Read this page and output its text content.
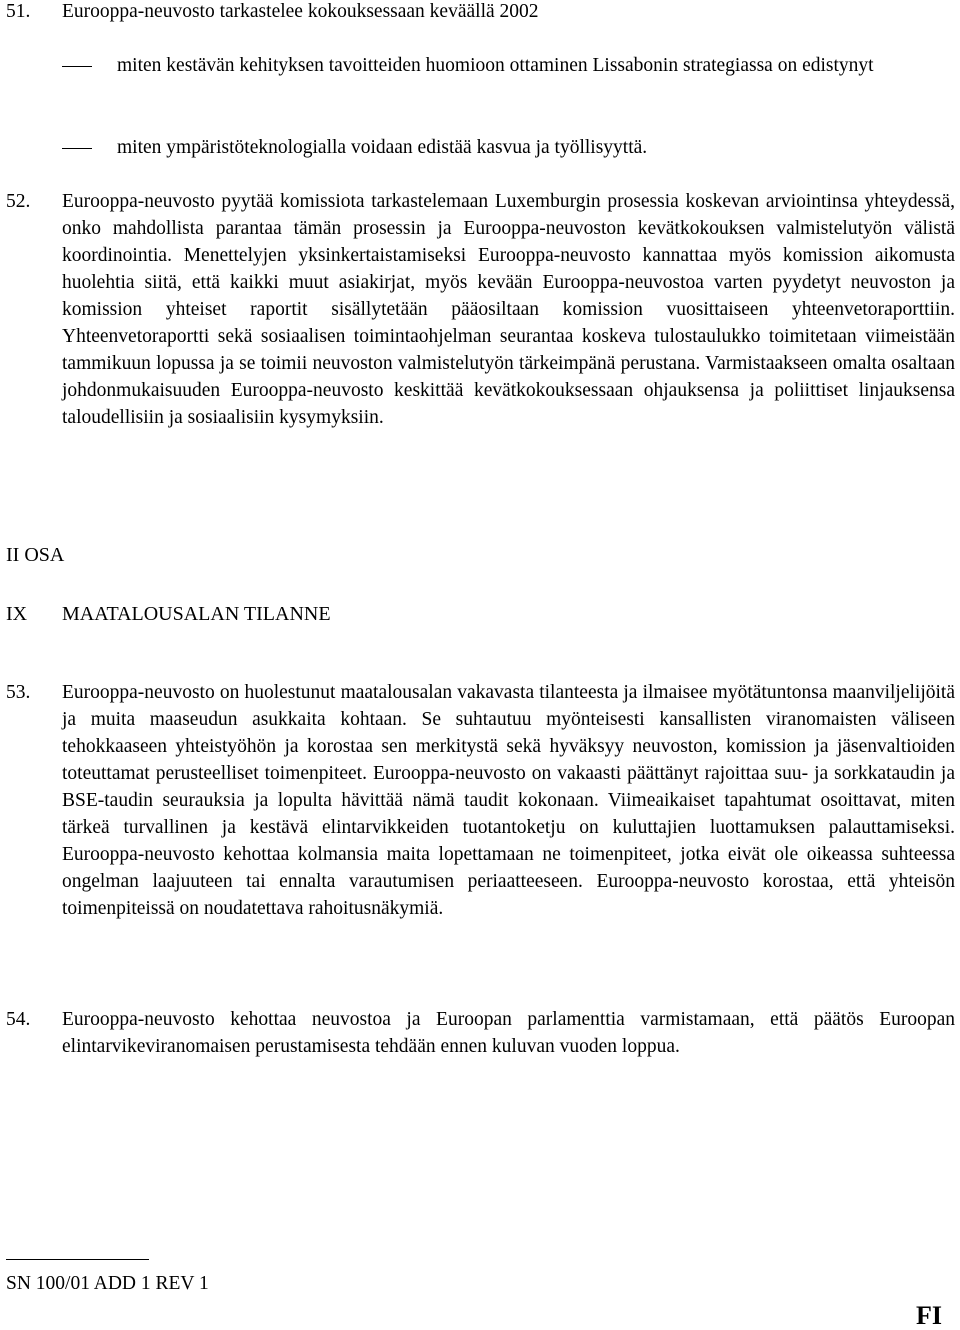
51. Eurooppa-neuvosto tarkastelee kokouksessaan keväällä 2002
miten kestävän kehityksen tavoitteiden huomioon ottaminen Lissabonin strategiassa on edistynyt
miten ympäristöteknologialla voidaan edistää kasvua ja työllisyyttä.
52. Eurooppa-neuvosto pyytää komissiota tarkastelemaan Luxemburgin prosessia koskevan arviointinsa yhteydessä, onko mahdollista parantaa tämän prosessin ja Eurooppa-neuvoston kevätkokouksen valmistelutyön välistä koordinointia. Menettelyjen yksinkertaistamiseksi Eurooppa-neuvosto kannattaa myös komission aikomusta huolehtia siitä, että kaikki muut asiakirjat, myös kevään Eurooppa-neuvostoa varten pyydetyt neuvoston ja komission yhteiset raportit sisällytetään pääosiltaan komission vuosittaiseen yhteenvetoraporttiin. Yhteenvetoraportti sekä sosiaalisen toimintaohjelman seurantaa koskeva tulostaulukko toimitetaan viimeistään tammikuun lopussa ja se toimii neuvoston valmistelutyön tärkeimpänä perustana. Varmistaakseen omalta osaltaan johdonmukaisuuden Eurooppa-neuvosto keskittää kevätkokouksessaan ohjauksensa ja poliittiset linjauksensa taloudellisiin ja sosiaalisiin kysymyksiin.
II OSA
IX MAATALOUSALAN TILANNE
53. Eurooppa-neuvosto on huolestunut maatalousalan vakavasta tilanteesta ja ilmaisee myötätuntonsa maanviljelijöitä ja muita maaseudun asukkaita kohtaan. Se suhtautuu myönteisesti kansallisten viranomaisten väliseen tehokkaaseen yhteistyöhön ja korostaa sen merkitystä sekä hyväksyy neuvoston, komission ja jäsenvaltioiden toteuttamat perusteelliset toimenpiteet. Eurooppa-neuvosto on vakaasti päättänyt rajoittaa suu- ja sorkkataudin ja BSE-taudin seurauksia ja lopulta hävittää nämä taudit kokonaan. Viimeaikaiset tapahtumat osoittavat, miten tärkeä turvallinen ja kestävä elintarvikkeiden tuotantoketju on kuluttajien luottamuksen palauttamiseksi. Eurooppa-neuvosto kehottaa kolmansia maita lopettamaan ne toimenpiteet, jotka eivät ole oikeassa suhteessa ongelman laajuuteen tai ennalta varautumisen periaatteeseen. Eurooppa-neuvosto korostaa, että yhteisön toimenpiteissä on noudatettava rahoitusnäkymiä.
54. Eurooppa-neuvosto kehottaa neuvostoa ja Euroopan parlamenttia varmistamaan, että päätös Euroopan elintarvikeviranomaisen perustamisesta tehdään ennen kuluvan vuoden loppua.
SN 100/01 ADD 1 REV 1
FI
